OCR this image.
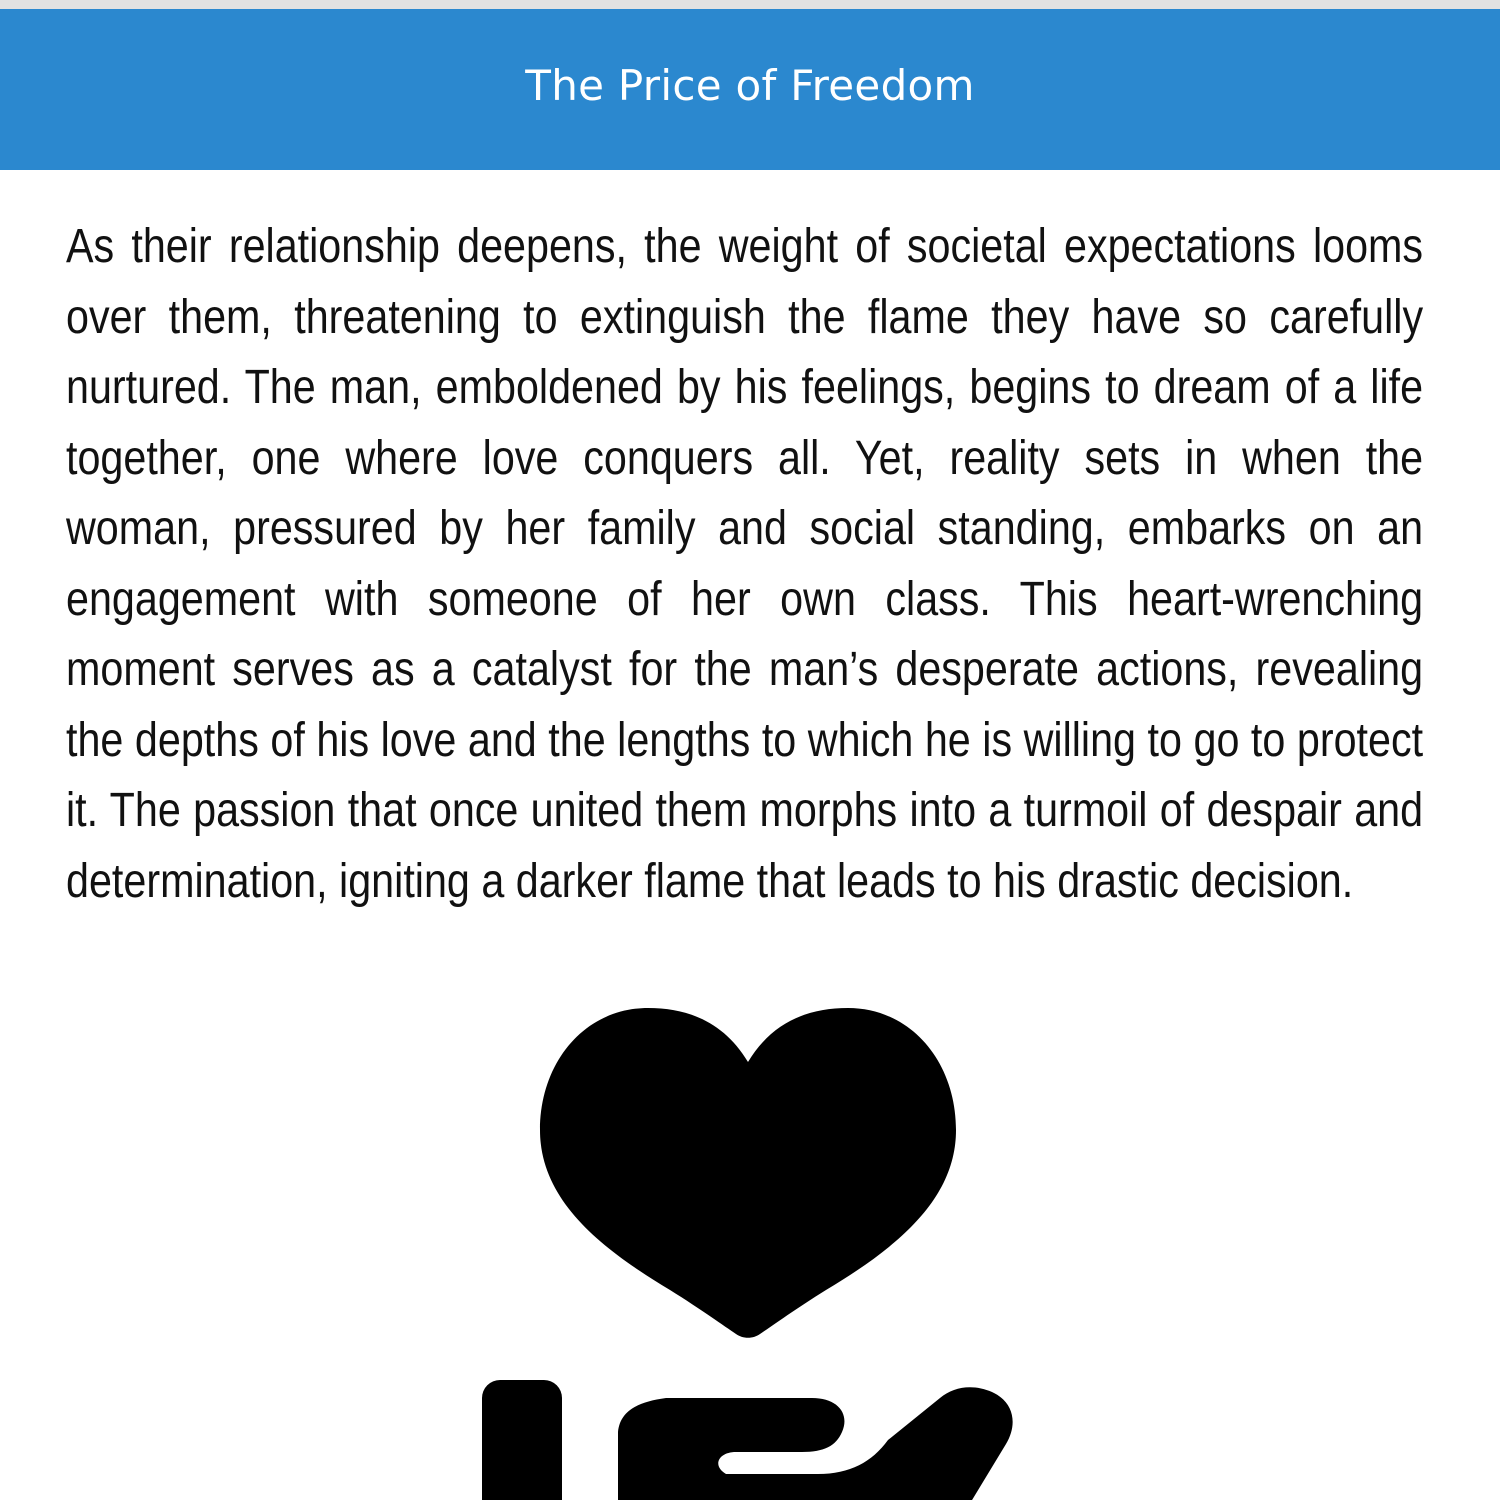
The Price of Freedom

As their relationship deepens, the weight of societal expectations looms over them, threatening to extinguish the flame they have so carefully nurtured. The man, emboldened by his feelings, begins to dream of a life together, one where love conquers all. Yet, reality sets in when the woman, pressured by her family and social standing, embarks on an engagement with someone of her own class. This heart-wrenching moment serves as a catalyst for the man’s desperate actions, revealing the depths of his love and the lengths to which he is willing to go to protect it. The passion that once united them morphs into a turmoil of despair and determination, igniting a darker flame that leads to his drastic decision.
